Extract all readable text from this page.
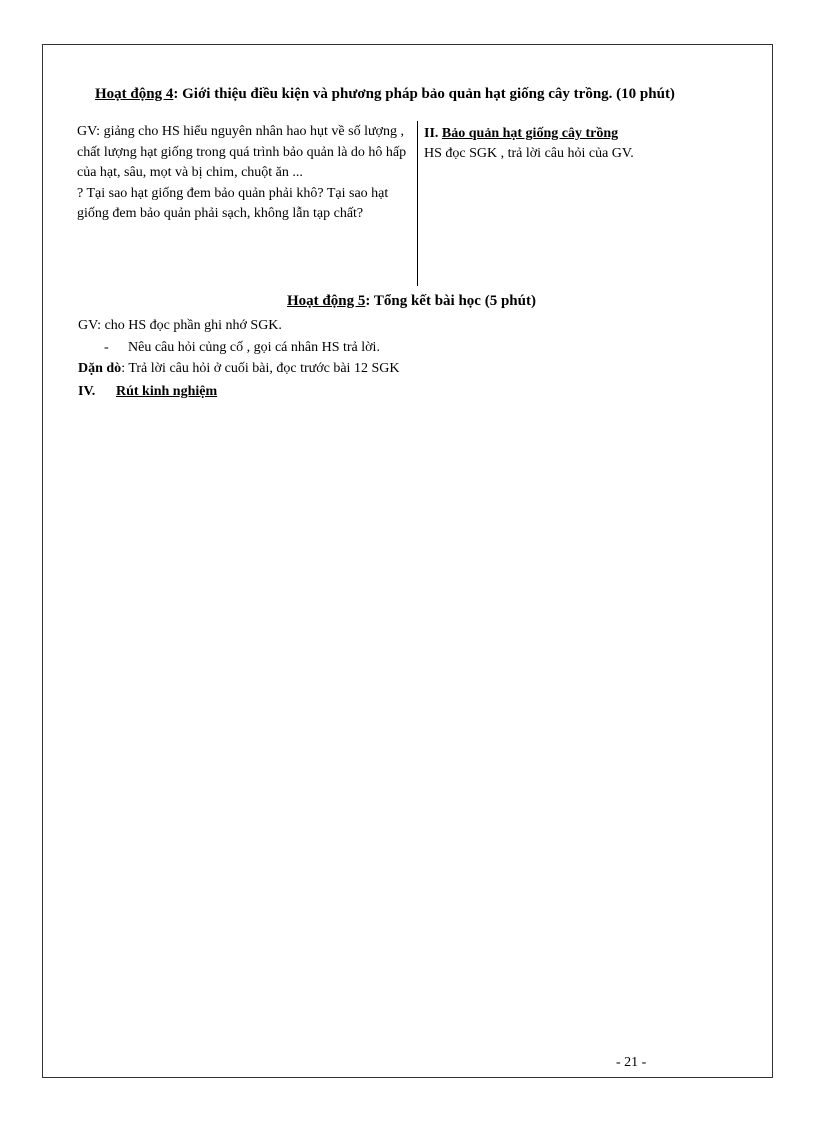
Hoạt động 4: Giới thiệu điều kiện và phương pháp bảo quản hạt giống cây trồng. (10 phút)

GV: giảng cho HS hiểu nguyên nhân hao hụt về số lượng , chất lượng hạt giống trong quá trình bảo quản là do hô hấp của hạt, sâu, mọt và bị chim, chuột ăn ...

? Tại sao hạt giống đem bảo quản phải khô? Tại sao hạt giống đem bảo quản phải sạch, không lẫn tạp chất?

II. Bảo quản hạt giống cây trồng

HS đọc SGK , trả lời câu hỏi của GV.

Hoạt động 5: Tổng kết bài học (5 phút)
GV: cho HS đọc phần ghi nhớ SGK.
- Nêu câu hỏi củng cố , gọi cá nhân HS trả lời.
Dặn dò: Trả lời câu hỏi ở cuối bài, đọc trước bài 12 SGK
IV. Rút kinh nghiệm
- 21 -
